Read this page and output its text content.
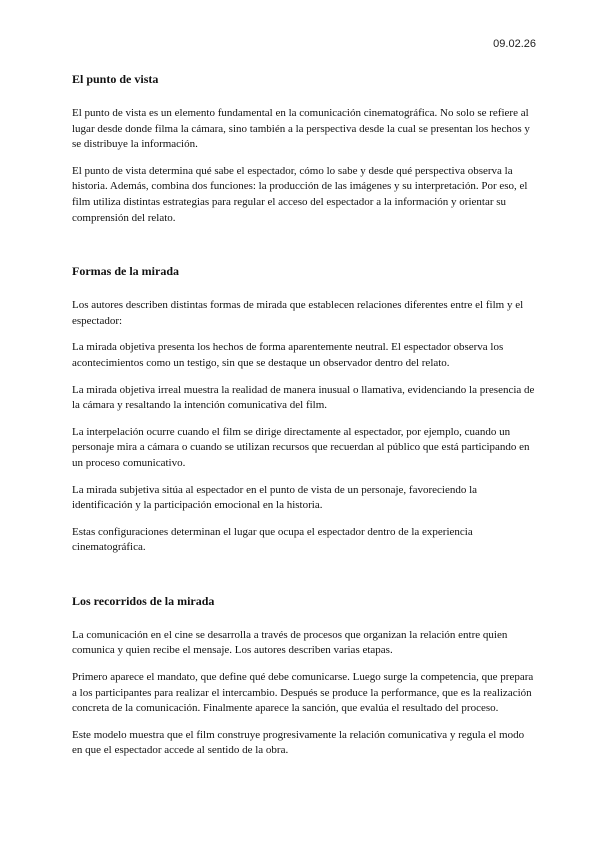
09.02.26

El punto de vista

El punto de vista es un elemento fundamental en la comunicación cinematográfica. No solo se refiere al lugar desde donde filma la cámara, sino también a la perspectiva desde la cual se presentan los hechos y se distribuye la información.

El punto de vista determina qué sabe el espectador, cómo lo sabe y desde qué perspectiva observa la historia. Además, combina dos funciones: la producción de las imágenes y su interpretación. Por eso, el film utiliza distintas estrategias para regular el acceso del espectador a la información y orientar su comprensión del relato.

Formas de la mirada

Los autores describen distintas formas de mirada que establecen relaciones diferentes entre el film y el espectador:

La mirada objetiva presenta los hechos de forma aparentemente neutral. El espectador observa los acontecimientos como un testigo, sin que se destaque un observador dentro del relato.

La mirada objetiva irreal muestra la realidad de manera inusual o llamativa, evidenciando la presencia de la cámara y resaltando la intención comunicativa del film.

La interpelación ocurre cuando el film se dirige directamente al espectador, por ejemplo, cuando un personaje mira a cámara o cuando se utilizan recursos que recuerdan al público que está participando en un proceso comunicativo.

La mirada subjetiva sitúa al espectador en el punto de vista de un personaje, favoreciendo la identificación y la participación emocional en la historia.

Estas configuraciones determinan el lugar que ocupa el espectador dentro de la experiencia cinematográfica.

Los recorridos de la mirada

La comunicación en el cine se desarrolla a través de procesos que organizan la relación entre quien comunica y quien recibe el mensaje. Los autores describen varias etapas.

Primero aparece el mandato, que define qué debe comunicarse. Luego surge la competencia, que prepara a los participantes para realizar el intercambio. Después se produce la performance, que es la realización concreta de la comunicación. Finalmente aparece la sanción, que evalúa el resultado del proceso.

Este modelo muestra que el film construye progresivamente la relación comunicativa y regula el modo en que el espectador accede al sentido de la obra.
